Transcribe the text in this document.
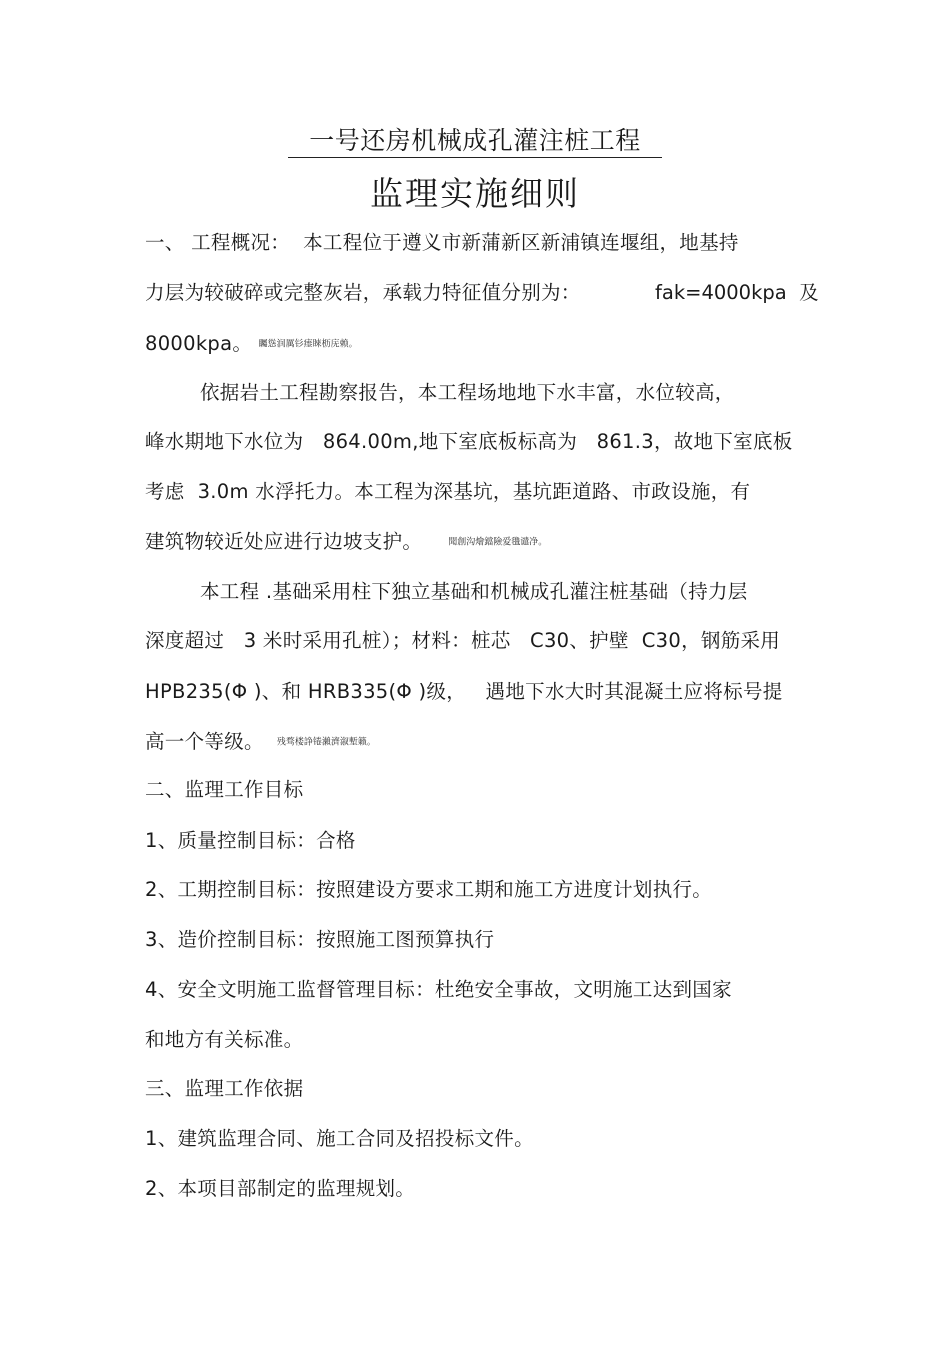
一号还房机械成孔灌注桩工程
监理实施细则
一、 工程概况：  本工程位于遵义市新蒲新区新浦镇连堰组，地基持
力层为较破碎或完整灰岩，承载力特征值分别为：	fak=4000kpa  及
8000kpa。 矚慫润厲钐瘗睞枥庑赖。
依据岩土工程勘察报告，本工程场地地下水丰富，水位较高，
峰水期地下水位为   864.00m,地下室底板标高为   861.3，故地下室底板
考虑  3.0m 水浮托力。本工程为深基坑，基坑距道路、市政设施，有
建筑物较近处应进行边坡支护。	聞創沟燴鐺險爱氇谴净。
本工程 .基础采用柱下独立基础和机械成孔灌注桩基础（持力层
深度超过   3 米时采用孔桩）；材料：桩芯   C30、护壁  C30，钢筋采用
HPB235(Φ )、和 HRB335(Φ )级，   遇地下水大时其混凝土应将标号提
高一个等级。 残骛楼諍锩瀨濟溆塹籟。
二、监理工作目标
1、质量控制目标：合格
2、工期控制目标：按照建设方要求工期和施工方进度计划执行。
3、造价控制目标：按照施工图预算执行
4、安全文明施工监督管理目标：杜绝安全事故，文明施工达到国家
和地方有关标准。
三、监理工作依据
1、建筑监理合同、施工合同及招投标文件。
2、本项目部制定的监理规划。
